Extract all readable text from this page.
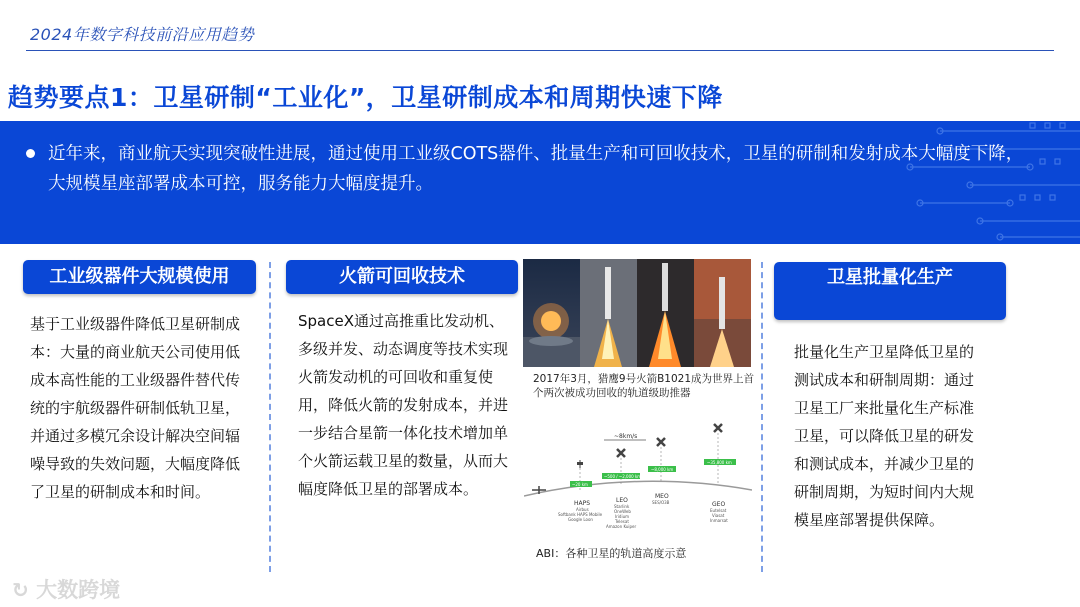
2024年数字科技前沿应用趋势
趋势要点1：卫星研制“工业化”，卫星研制成本和周期快速下降
近年来，商业航天实现突破性进展，通过使用工业级COTS器件、批量生产和可回收技术，卫星的研制和发射成本大幅度下降，大规模星座部署成本可控，服务能力大幅度提升。
工业级器件大规模使用
基于工业级器件降低卫星研制成本：大量的商业航天公司使用低成本高性能的工业级器件替代传统的宇航级器件研制低轨卫星，并通过多模冗余设计解决空间辐噪导致的失效问题，大幅度降低了卫星的研制成本和时间。
火箭可回收技术
SpaceX通过高推重比发动机、多级并发、动态调度等技术实现火箭发动机的可回收和重复使用，降低火箭的发射成本，并进一步结合星箭一体化技术增加单个火箭运载卫星的数量，从而大幅度降低卫星的部署成本。
2017年3月，猎鹰9号火箭B1021成为世界上首个两次被成功回收的轨道级助推器
~8km/s
~20 km
~500 / ~2,000 km
~8,000 km
~35,800 km
HAPS
Airbus
Softbank HAPS Mobile
Google Loon
LEO
Starlink
OneWeb
Iridium
Telesat
Amazon Kuiper
MEO
SES/O3B	GEO
Eutelsat
Viasat
Inmarsat
ABI：各种卫星的轨道高度示意
卫星批量化生产
批量化生产卫星降低卫星的测试成本和研制周期：通过卫星工厂来批量化生产标准卫星，可以降低卫星的研发和测试成本，并减少卫星的研制周期，为短时间内大规模星座部署提供保障。
↻ 大数跨境
